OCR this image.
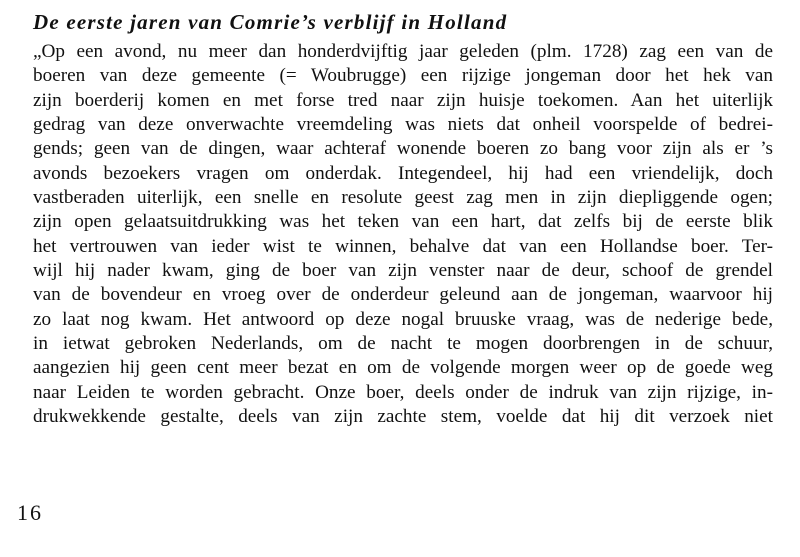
De eerste jaren van Comrie’s verblijf in Holland
„Op een avond, nu meer dan honderdvijftig jaar geleden (plm. 1728) zag een van de
boeren van deze gemeente (= Woubrugge) een rijzige jongeman door het hek van
zijn boerderij komen en met forse tred naar zijn huisje toekomen. Aan het uiterlijk
gedrag van deze onverwachte vreemdeling was niets dat onheil voorspelde of bedrei-
gends; geen van de dingen, waar achteraf wonende boeren zo bang voor zijn als er ’s
avonds bezoekers vragen om onderdak. Integendeel, hij had een vriendelijk, doch
vastberaden uiterlijk, een snelle en resolute geest zag men in zijn diepliggende ogen;
zijn open gelaatsuitdrukking was het teken van een hart, dat zelfs bij de eerste blik
het vertrouwen van ieder wist te winnen, behalve dat van een Hollandse boer. Ter-
wijl hij nader kwam, ging de boer van zijn venster naar de deur, schoof de grendel
van de bovendeur en vroeg over de onderdeur geleund aan de jongeman, waarvoor hij
zo laat nog kwam. Het antwoord op deze nogal bruuske vraag, was de nederige bede,
in ietwat gebroken Nederlands, om de nacht te mogen doorbrengen in de schuur,
aangezien hij geen cent meer bezat en om de volgende morgen weer op de goede weg
naar Leiden te worden gebracht. Onze boer, deels onder de indruk van zijn rijzige, in-
drukwekkende gestalte, deels van zijn zachte stem, voelde dat hij dit verzoek niet
16
